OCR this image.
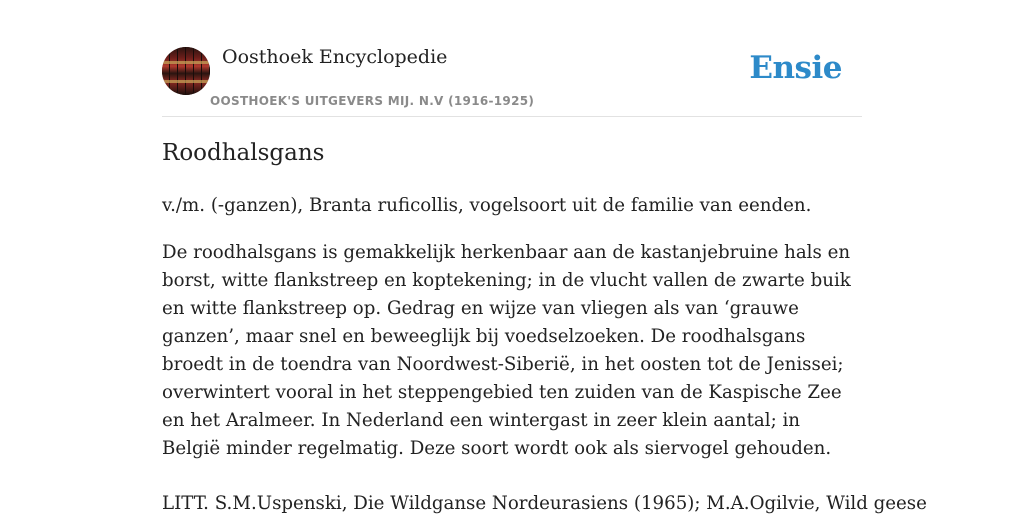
Oosthoek Encyclopedie
OOSTHOEK'S UITGEVERS MIJ. N.V (1916-1925)
Ensie
Roodhalsgans

v./m. (-ganzen), Branta ruficollis, vogelsoort uit de familie van eenden.

De roodhalsgans is gemakkelijk herkenbaar aan de kastanjebruine hals en borst, witte flankstreep en koptekening; in de vlucht vallen de zwarte buik en witte flankstreep op. Gedrag en wijze van vliegen als van ‘grauwe ganzen’, maar snel en beweeglijk bij voedselzoeken. De roodhalsgans broedt in de toendra van Noordwest-Siberië, in het oosten tot de Jenissei; overwintert vooral in het steppengebied ten zuiden van de Kaspische Zee en het Aralmeer. In Nederland een wintergast in zeer klein aantal; in België minder regelmatig. Deze soort wordt ook als siervogel gehouden.

LITT. S.M.Uspenski, Die Wildganse Nordeurasiens (1965); M.A.Ogilvie, Wild geese
